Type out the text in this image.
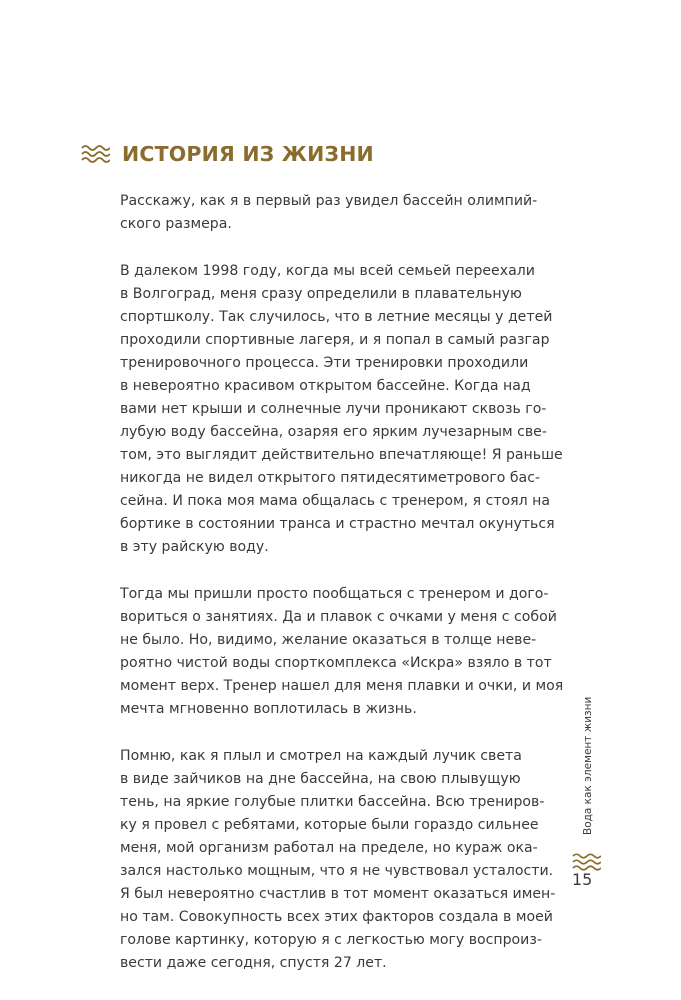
ИСТОРИЯ ИЗ ЖИЗНИ
Расскажу, как я в первый раз увидел бассейн олимпий-
ского размера.
В далеком 1998 году, когда мы всей семьей переехали
в Волгоград, меня сразу определили в плавательную
спортшколу. Так случилось, что в летние месяцы у детей
проходили спортивные лагеря, и я попал в самый разгар
тренировочного процесса. Эти тренировки проходили
в невероятно красивом открытом бассейне. Когда над
вами нет крыши и солнечные лучи проникают сквозь го-
лубую воду бассейна, озаряя его ярким лучезарным све-
том, это выглядит действительно впечатляюще! Я раньше
никогда не видел открытого пятидесятиметрового бас-
сейна. И пока моя мама общалась с тренером, я стоял на
бортике в состоянии транса и страстно мечтал окунуться
в эту райскую воду.
Тогда мы пришли просто пообщаться с тренером и дого-
вориться о занятиях. Да и плавок с очками у меня с собой
не было. Но, видимо, желание оказаться в толще неве-
роятно чистой воды спорткомплекса «Искра» взяло в тот
момент верх. Тренер нашел для меня плавки и очки, и моя
мечта мгновенно воплотилась в жизнь.
Помню, как я плыл и смотрел на каждый лучик света
в виде зайчиков на дне бассейна, на свою плывущую
тень, на яркие голубые плитки бассейна. Всю трениров-
ку я провел с ребятами, которые были гораздо сильнее
меня, мой организм работал на пределе, но кураж ока-
зался настолько мощным, что я не чувствовал усталости.
Я был невероятно счастлив в тот момент оказаться имен-
но там. Совокупность всех этих факторов создала в моей
голове картинку, которую я с легкостью могу воспроиз-
вести даже сегодня, спустя 27 лет.
Вода как элемент жизни
15
